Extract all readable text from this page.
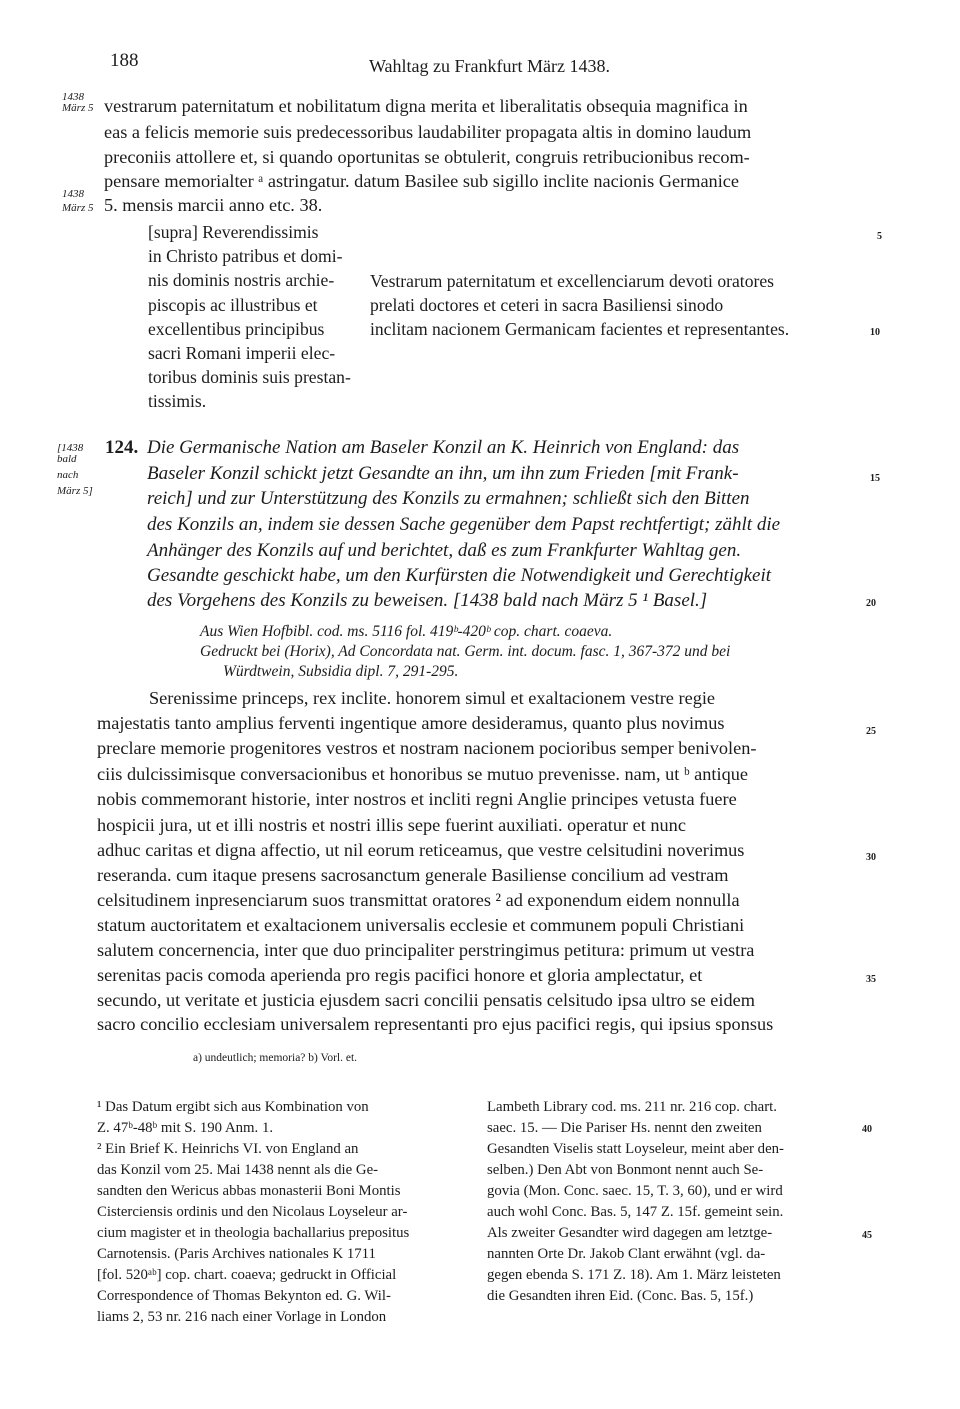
188	Wahltag zu Frankfurt März 1438.
1438
März 5
1438
März 5
[1438
bald
nach
März 5]
5
10
15
20
25
30
35
40
45
vestrarum paternitatum et nobilitatum digna merita et liberalitatis obsequia magnifica in
eas a felicis memorie suis predecessoribus laudabiliter propagata altis in domino laudum
preconiis attollere et, si quando oportunitas se obtulerit, congruis retribucionibus recom-
pensare memorialter ᵃ astringatur. datum Basilee sub sigillo inclite nacionis Germanice
5. mensis marcii anno etc. 38.
[supra] Reverendissimis
in Christo patribus et domi-
nis dominis nostris archie-
piscopis ac illustribus et
excellentibus principibus
sacri Romani imperii elec-
toribus dominis suis prestan-
tissimis.
Vestrarum paternitatum et excellenciarum devoti oratores
prelati doctores et ceteri in sacra Basiliensi sinodo
inclitam nacionem Germanicam facientes et representantes.
124. Die Germanische Nation am Baseler Konzil an K. Heinrich von England: das
Baseler Konzil schickt jetzt Gesandte an ihn, um ihn zum Frieden [mit Frank-
reich] und zur Unterstützung des Konzils zu ermahnen; schließt sich den Bitten
des Konzils an, indem sie dessen Sache gegenüber dem Papst rechtfertigt; zählt die
Anhänger des Konzils auf und berichtet, daß es zum Frankfurter Wahltag gen.
Gesandte geschickt habe, um den Kurfürsten die Notwendigkeit und Gerechtigkeit
des Vorgehens des Konzils zu beweisen. [1438 bald nach März 5 ¹ Basel.]
Aus Wien Hofbibl. cod. ms. 5116 fol. 419ᵇ-420ᵇ cop. chart. coaeva.
Gedruckt bei (Horix), Ad Concordata nat. Germ. int. docum. fasc. 1, 367-372 und bei
Würdtwein, Subsidia dipl. 7, 291-295.
Serenissime princeps, rex inclite. honorem simul et exaltacionem vestre regie
majestatis tanto amplius ferventi ingentique amore desideramus, quanto plus novimus
preclare memorie progenitores vestros et nostram nacionem pocioribus semper benivolen-
ciis dulcissimisque conversacionibus et honoribus se mutuo prevenisse. nam, ut ᵇ antique
nobis commemorant historie, inter nostros et incliti regni Anglie principes vetusta fuere
hospicii jura, ut et illi nostris et nostri illis sepe fuerint auxiliati. operatur et nunc
adhuc caritas et digna affectio, ut nil eorum reticeamus, que vestre celsitudini noverimus
reseranda. cum itaque presens sacrosanctum generale Basiliense concilium ad vestram
celsitudinem inpresenciarum suos transmittat oratores ² ad exponendum eidem nonnulla
statum auctoritatem et exaltacionem universalis ecclesie et communem populi Christiani
salutem concernencia, inter que duo principaliter perstringimus petitura: primum ut vestra
serenitas pacis comoda aperienda pro regis pacifici honore et gloria amplectatur, et
secundo, ut veritate et justicia ejusdem sacri concilii pensatis celsitudo ipsa ultro se eidem
sacro concilio ecclesiam universalem representanti pro ejus pacifici regis, qui ipsius sponsus
a) undeutlich; memoria? b) Vorl. et.
¹ Das Datum ergibt sich aus Kombination von
Z. 47ᵇ-48ᵇ mit S. 190 Anm. 1.
² Ein Brief K. Heinrichs VI. von England an
das Konzil vom 25. Mai 1438 nennt als die Ge-
sandten den Wericus abbas monasterii Boni Montis
Cisterciensis ordinis und den Nicolaus Loyseleur ar-
cium magister et in theologia bachallarius prepositus
Carnotensis. (Paris Archives nationales K 1711
[fol. 520ᵃᵇ] cop. chart. coaeva; gedruckt in Official
Correspondence of Thomas Bekynton ed. G. Wil-
liams 2, 53 nr. 216 nach einer Vorlage in London
Lambeth Library cod. ms. 211 nr. 216 cop. chart.
saec. 15. — Die Pariser Hs. nennt den zweiten
Gesandten Viselis statt Loyseleur, meint aber den-
selben.) Den Abt von Bonmont nennt auch Se-
govia (Mon. Conc. saec. 15, T. 3, 60), und er wird
auch wohl Conc. Bas. 5, 147 Z. 15f. gemeint sein.
Als zweiter Gesandter wird dagegen am letztge-
nannten Orte Dr. Jakob Clant erwähnt (vgl. da-
gegen ebenda S. 171 Z. 18). Am 1. März leisteten
die Gesandten ihren Eid. (Conc. Bas. 5, 15f.)
